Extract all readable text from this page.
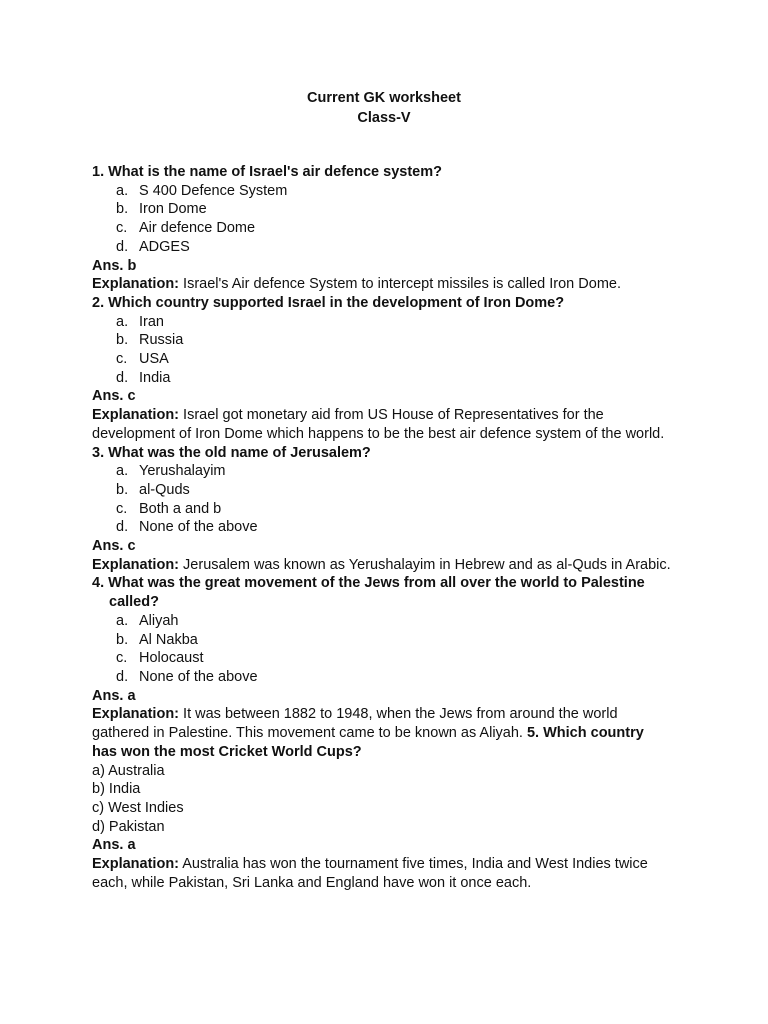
Current GK worksheet
Class-V
1. What is the name of Israel's air defence system?
a. S 400 Defence System
b. Iron Dome
c. Air defence Dome
d. ADGES
Ans. b
Explanation: Israel's Air defence System to intercept missiles is called Iron Dome.
2. Which country supported Israel in the development of Iron Dome?
a. Iran
b. Russia
c. USA
d. India
Ans. c
Explanation: Israel got monetary aid from US House of Representatives for the development of Iron Dome which happens to be the best air defence system of the world.
3. What was the old name of Jerusalem?
a. Yerushalayim
b. al-Quds
c. Both a and b
d. None of the above
Ans. c
Explanation: Jerusalem was known as Yerushalayim in Hebrew and as al-Quds in Arabic.
4. What was the great movement of the Jews from all over the world to Palestine called?
a. Aliyah
b. Al Nakba
c. Holocaust
d. None of the above
Ans. a
Explanation: It was between 1882 to 1948, when the Jews from around the world gathered in Palestine. This movement came to be known as Aliyah. 5. Which country has won the most Cricket World Cups?
a) Australia
b) India
c) West Indies
d) Pakistan
Ans. a
Explanation: Australia has won the tournament five times, India and West Indies twice each, while Pakistan, Sri Lanka and England have won it once each.
